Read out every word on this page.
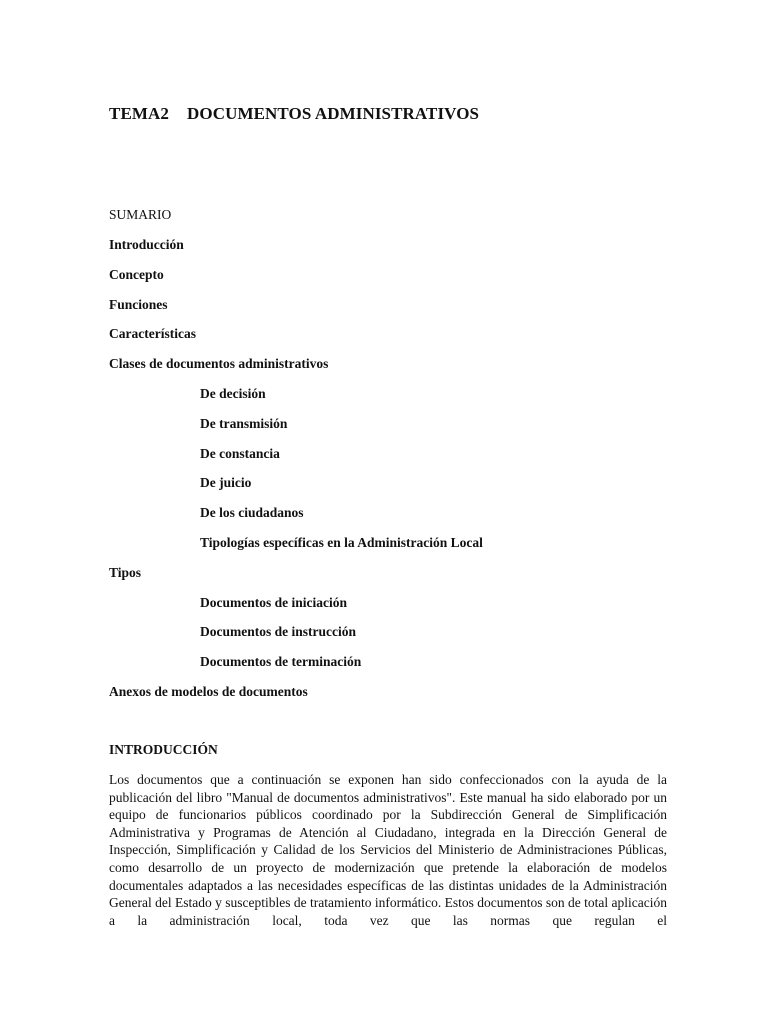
TEMA2 DOCUMENTOS ADMINISTRATIVOS
SUMARIO
Introducción
Concepto
Funciones
Características
Clases de documentos administrativos
De decisión
De transmisión
De constancia
De juicio
De los ciudadanos
Tipologías específicas en la Administración Local
Tipos
Documentos de iniciación
Documentos de instrucción
Documentos de terminación
Anexos de modelos de documentos
INTRODUCCIÓN
Los documentos que a continuación se exponen han sido confeccionados con la ayuda de la publicación del libro "Manual de documentos administrativos". Este manual ha sido elaborado por un equipo de funcionarios públicos coordinado por la Subdirección General de Simplificación Administrativa y Programas de Atención al Ciudadano, integrada en la Dirección General de Inspección, Simplificación y Calidad de los Servicios del Ministerio de Administraciones Públicas, como desarrollo de un proyecto de modernización que pretende la elaboración de modelos documentales adaptados a las necesidades específicas de las distintas unidades de la Administración General del Estado y susceptibles de tratamiento informático. Estos documentos son de total aplicación a la administración local, toda vez que las normas que regulan el
